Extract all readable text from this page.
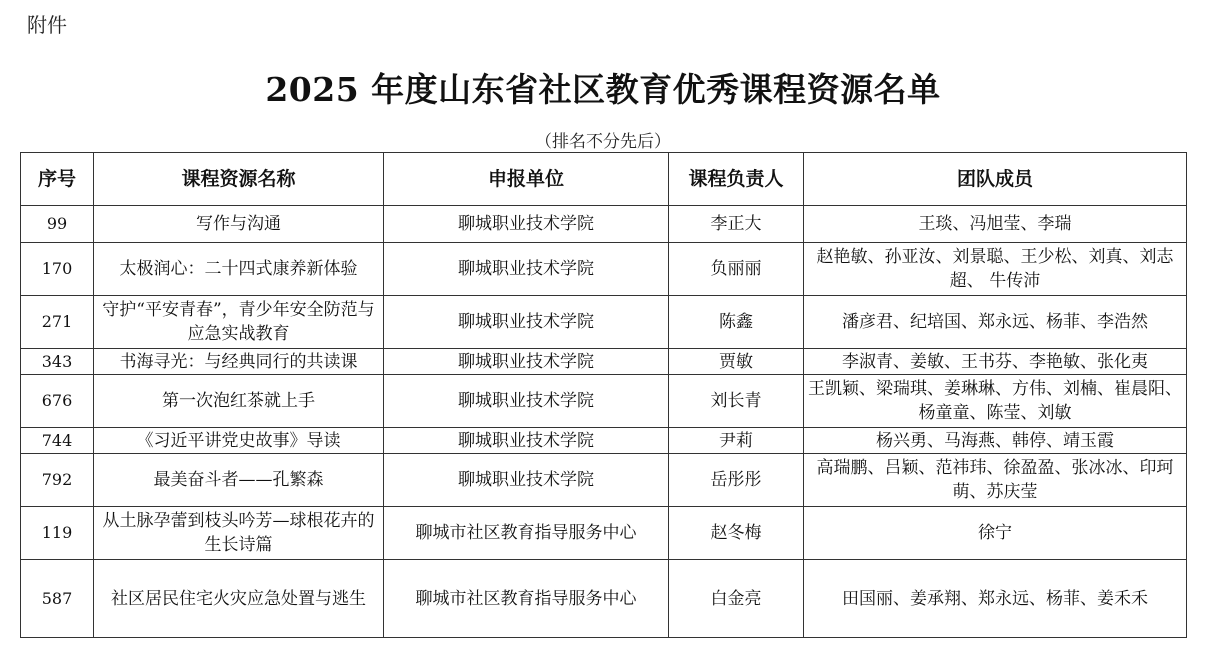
附件
2025 年度山东省社区教育优秀课程资源名单
（排名不分先后）
序号	课程资源名称	申报单位	课程负责人	团队成员
99	写作与沟通	聊城职业技术学院	李正大	王琰、冯旭莹、李瑞
170	太极润心：二十四式康养新体验	聊城职业技术学院	负丽丽	赵艳敏、孙亚汝、刘景聪、王少松、刘真、刘志超、 牛传沛
271	守护“平安青春”，青少年安全防范与应急实战教育	聊城职业技术学院	陈鑫	潘彦君、纪培国、郑永远、杨菲、李浩然
343	书海寻光：与经典同行的共读课	聊城职业技术学院	贾敏	李淑青、姜敏、王书芬、李艳敏、张化夷
676	第一次泡红茶就上手	聊城职业技术学院	刘长青	王凯颖、梁瑞琪、姜琳琳、方伟、刘楠、崔晨阳、杨童童、陈莹、刘敏
744	《习近平讲党史故事》导读	聊城职业技术学院	尹莉	杨兴勇、马海燕、韩停、靖玉霞
792	最美奋斗者——孔繁森	聊城职业技术学院	岳彤彤	高瑞鹏、吕颖、范祎玮、徐盈盈、张冰冰、印珂萌、苏庆莹
119	从土脉孕蕾到枝头吟芳—球根花卉的生长诗篇	聊城市社区教育指导服务中心	赵冬梅	徐宁
587	社区居民住宅火灾应急处置与逃生	聊城市社区教育指导服务中心	白金亮	田国丽、姜承翔、郑永远、杨菲、姜禾禾
